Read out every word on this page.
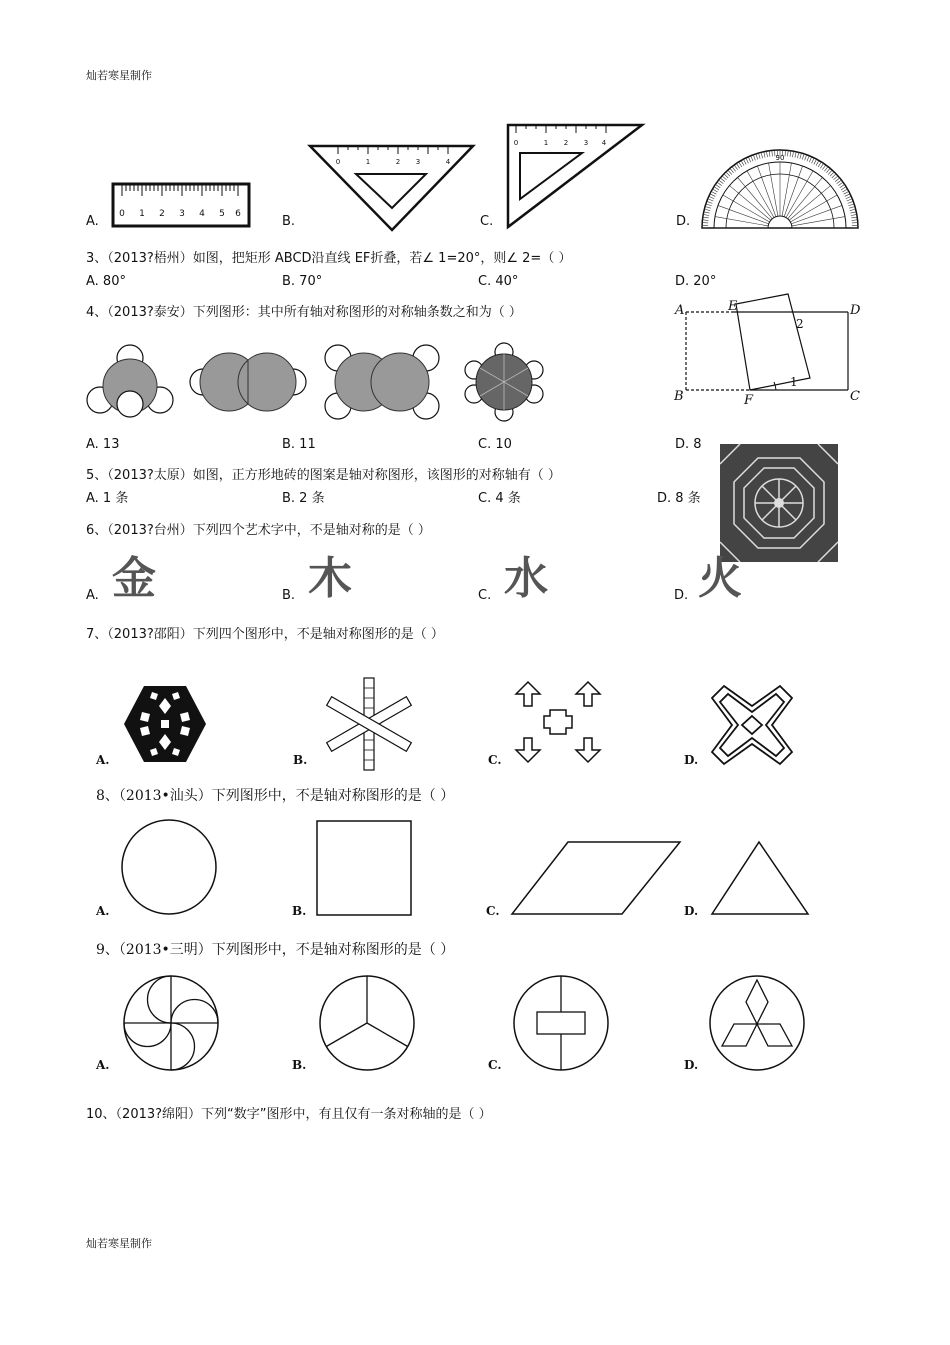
灿若寒星制作
A.	B.	C.	D.
0 1 2 3 4 5 6
0	1	2 3	4
0	1 2 3 4
90
3、（2013?梧州）如图，把矩形 ABCD沿直线 EF折叠，若∠ 1=20°，则∠ 2=（ ）
A. 80°	B. 70°	C. 40°	D. 20°
A
B	C
D
E
F
1
2
4、（2013?泰安）下列图形：其中所有轴对称图形的对称轴条数之和为（ ）
A. 13	B. 11	C. 10	D. 8
5、（2013?太原）如图，正方形地砖的图案是轴对称图形，该图形的对称轴有（ ）
A. 1 条	B. 2 条	C. 4 条	D. 8 条
6、（2013?台州）下列四个艺术字中，不是轴对称的是（ ）
A.	B.	C.	D.
金	木	水	火
7、（2013?邵阳）下列四个图形中，不是轴对称图形的是（ ）
A.	B.	C.	D.
8、（2013•汕头）下列图形中，不是轴对称图形的是（ ）
A.	B.	C.	D.
9、（2013•三明）下列图形中，不是轴对称图形的是（ ）
A.	B.	C.	D.
10、（2013?绵阳）下列“数字”图形中，有且仅有一条对称轴的是（ ）
灿若寒星制作
